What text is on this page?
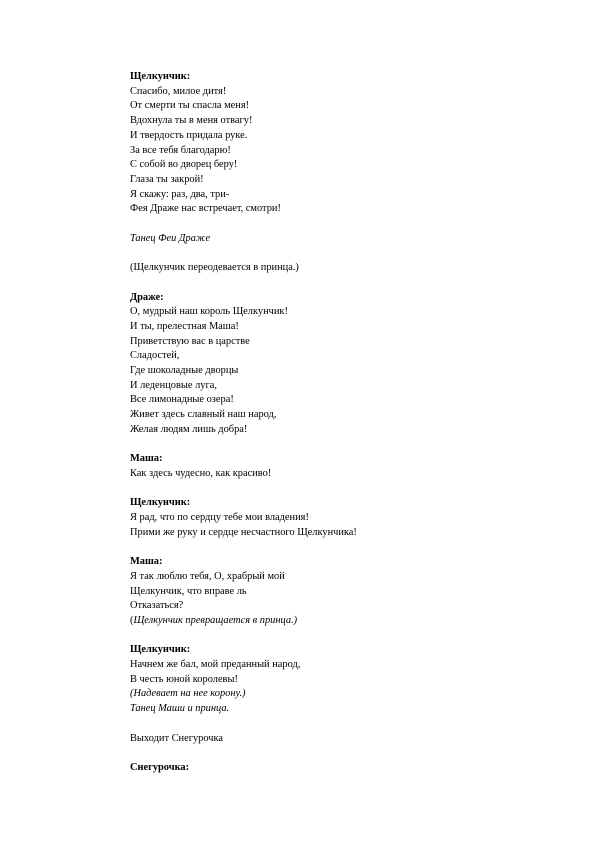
Щелкунчик:
Спасибо, милое дитя!
От смерти ты спасла меня!
Вдохнула ты в меня отвагу!
И твердость придала руке.
За все тебя благодарю!
С собой во дворец беру!
Глаза ты закрой!
Я скажу: раз, два, три-
Фея Драже нас встречает, смотри!
Танец Феи Драже
(Щелкунчик переодевается в принца.)
Драже:
О, мудрый наш король Щелкунчик!
И ты, прелестная Маша!
Приветствую вас в царстве
Сладостей,
Где шоколадные дворцы
И леденцовые луга,
Все лимонадные озера!
Живет здесь славный наш народ,
Желая людям лишь добра!
Маша:
Как здесь чудесно, как красиво!
Щелкунчик:
Я рад, что по сердцу тебе мои владения!
Прими же руку и сердце несчастного Щелкунчика!
Маша:
Я так люблю тебя, О, храбрый мой
Щелкунчик, что вправе ль
Отказаться?
(Щелкунчик превращается в принца.)
Щелкунчик:
Начнем же бал, мой преданный народ,
В честь юной королевы!
(Надевает на нее корону.)
Танец Маши и принца.
Выходит Снегурочка
Снегурочка:
